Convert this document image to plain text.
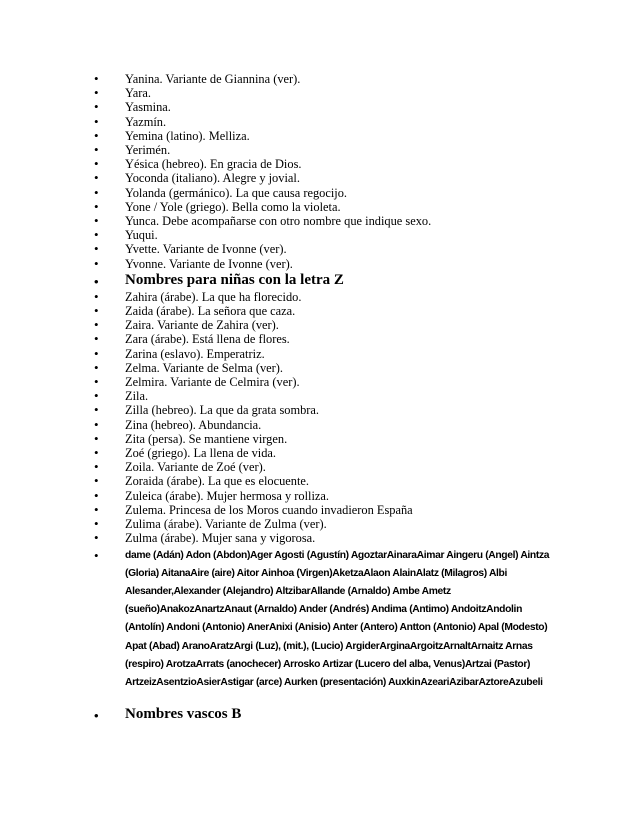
• Yanina. Variante de Giannina (ver).
• Yara.
• Yasmina.
• Yazmín.
• Yemina (latino). Melliza.
• Yerimén.
• Yésica (hebreo). En gracia de Dios.
• Yoconda (italiano). Alegre y jovial.
• Yolanda (germánico). La que causa regocijo.
• Yone / Yole (griego). Bella como la violeta.
• Yunca. Debe acompañarse con otro nombre que indique sexo.
• Yuqui.
• Yvette. Variante de Ivonne (ver).
• Yvonne. Variante de Ivonne (ver).
• Nombres para niñas con la letra Z
• Zahira (árabe). La que ha florecido.
• Zaida (árabe). La señora que caza.
• Zaira. Variante de Zahira (ver).
• Zara (árabe). Está llena de flores.
• Zarina (eslavo). Emperatriz.
• Zelma. Variante de Selma (ver).
• Zelmira. Variante de Celmira (ver).
• Zila.
• Zilla (hebreo). La que da grata sombra.
• Zina (hebreo). Abundancia.
• Zita (persa). Se mantiene virgen.
• Zoé (griego). La llena de vida.
• Zoila. Variante de Zoé (ver).
• Zoraida (árabe). La que es elocuente.
• Zuleica (árabe). Mujer hermosa y rolliza.
• Zulema. Princesa de los Moros cuando invadieron España
• Zulima (árabe). Variante de Zulma (ver).
• Zulma (árabe). Mujer sana y vigorosa.
• dame (Adán) Adon (Abdon)Ager Agosti (Agustín) AgoztarAinaraAimar Aingeru (Angel) Aintza (Gloria) AitanaAire (aire) Aitor Ainhoa (Virgen)AketzaAlaon AlainAlatz (Milagros) Albi Alesander,Alexander (Alejandro) AltzibarAllande (Arnaldo) Ambe Ametz (sueño)AnakozAnartzAnaut (Arnaldo) Ander (Andrés) Andima (Antimo) AndoitzAndolin (Antolín) Andoni (Antonio) AnerAnixi (Anisio) Anter (Antero) Antton (Antonio) Apal (Modesto) Apat (Abad) AranoAratzArgi (Luz), (mit.), (Lucio) ArgiderArginaArgoitzArnaltArnaitz Arnas (respiro) ArotzaArrats (anochecer) Arrosko Artizar (Lucero del alba, Venus)Artzai (Pastor) ArtzeizAsentzioAsierAstigar (arce) Aurken (presentación) AuxkinAzeariAzibarAztoreAzubeli
• Nombres vascos B
